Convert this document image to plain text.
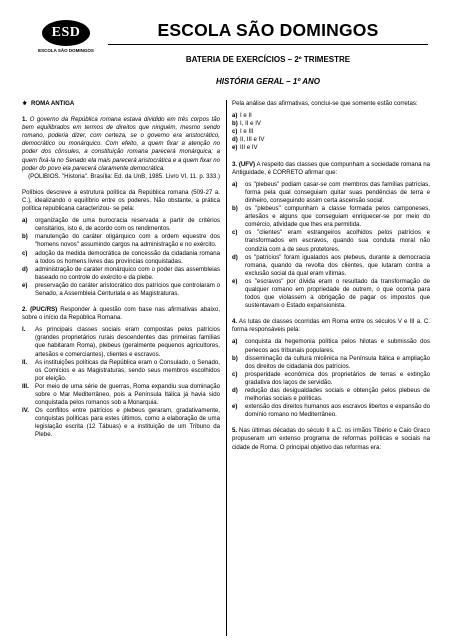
ESD
ESCOLA SÃO DOMINGOS
ESCOLA SÃO DOMINGOS
BATERIA DE EXERCÍCIOS – 2º TRIMESTRE
HISTÓRIA GERAL – 1º ANO
⚜ ROMA ANTIGA

1. O governo da República romana estava dividido em três corpos tão bem equilibrados em termos de direitos que ninguém, mesmo sendo romano, poderia dizer, com certeza, se o governo era aristocrático, democrático ou monárquico. Com efeito, a quem fixar a atenção no poder dos cônsules, a constituição romana parecerá monárquica; a quem fixá-la no Senado ela mais parecerá aristocrática e a quem fixar no poder do povo ela parecerá claramente democrática.

(POLIBIOS. "Historia". Brasília: Ed. da UnB, 1985. Livro VI, 11. p. 333.)

Políbios descreve a estrutura política da República romana (509-27 a. C.), idealizando o equilíbrio entre os poderes. Não obstante, a prática política republicana caracterizou- se pela:

a)	organização de uma burocracia reservada a partir de critérios censitários, isto é, de acordo com os rendimentos.
b)	manutenção do caráter oligárquico com a ordem equestre dos "homens novos" assumindo cargos na administração e no exército.
c)	adoção da medida democrática de concessão da cidadania romana a todos os homens livres das províncias conquistadas.
d)	administração de caráter monárquico com o poder das assembleias baseado no controle do exército e da plebe.
e)	preservação do caráter aristocrático dos patrícios que controlaram o Senado, a Assembleia Centuriata e as Magistraturas.

2. (PUC/RS) Responder à questão com base nas afirmativas abaixo, sobre o início da República Romana.

I.	As principais classes sociais eram compostas pelos patrícios (grandes proprietários rurais descendentes das primeiras famílias que habitaram Roma), plebeus (geralmente pequenos agricultores, artesãos e comerciantes), clientes e escravos.
II.	As instituições políticas da República eram o Consulado, o Senado, os Comícios e as Magistraturas, sendo seus membros escolhidos por eleição.
III.	Por meio de uma série de guerras, Roma expandiu sua dominação sobre o Mar Mediterrâneo, pois a Península Itálica já havia sido conquistada pelos romanos sob a Monarquia.
IV.	Os conflitos entre patrícios e plebeus geraram, gradativamente, conquistas políticas para estes últimos, como a elaboração de uma legislação escrita (12 Tábuas) e a instituição de um Tribuno da Plebe.

Pela análise das afirmativas, conclui-se que somente estão corretas:

a) I e II
b) I, II e IV
c) I e III
d) II, III e IV
e) III e IV

3. (UFV) A respeito das classes que compunham a sociedade romana na Antiguidade, é CORRETO afirmar que:

a)	os "plebeus" podiam casar-se com membros das famílias patrícias, forma pela qual conseguiam quitar suas pendências de terra e dinheiro, conseguindo assim certa ascensão social.
b)	os "plebeus" compunham a classe formada pelos camponeses, artesãos e alguns que conseguiam enriquecer-se por meio do comércio, atividade que lhes era permitida.
c)	os "clientes" eram estrangeiros acolhidos pelos patrícios e transformados em escravos, quando sua conduta moral não condizia com a de seus protetores.
d)	os "patrícios" foram igualados aos plebeus, durante a democracia romana, quando da revolta dos clientes, que lutaram contra a exclusão social da qual eram vítimas.
e)	os "escravos" por dívida eram o resultado da transformação de qualquer romano em propriedade de outrem, o que ocorria para todos que violassem a obrigação de pagar os impostos que sustentavam o Estado expansionista.

4. As lutas de classes ocorridas em Roma entre os séculos V e III a. C. forma responsáveis pela:

a)	conquista da hegemonia política pelos hilotas e submissão dos periecos aos tribunais populares.
b)	disseminação da cultura micênica na Península Itálica e ampliação dos direitos de cidadania dos patrícios.
c)	prosperidade econômica dos proprietários de terras e extinção gradativa dos laços de servidão.
d)	redução das desigualdades sociais e obtenção pelos plebeus de melhorias sociais e políticas.
e)	extensão dos direitos humanos aos escravos libertos e expansão do domínio romano no Mediterrâneo.

5. Nas últimas décadas do século II a.C. os irmãos Tibério e Caio Graco propuseram um extenso programa de reformas políticas e sociais na cidade de Roma. O principal objetivo das reformas era:
